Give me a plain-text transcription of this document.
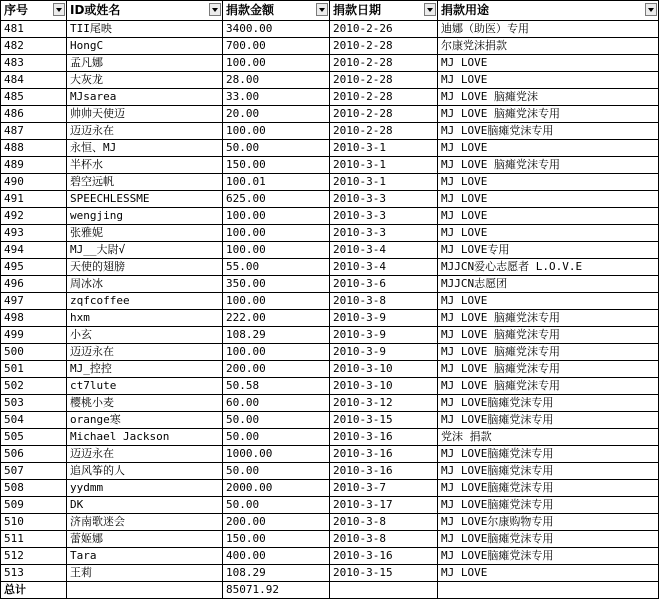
序号	ID或姓名	捐款金额	捐款日期	捐款用途

481	TII尾映	3400.00	2010-2-26	迪娜（助医）专用
482	HongC	700.00	2010-2-28	尔康党沫捐款
483	孟凡娜	100.00	2010-2-28	MJ LOVE
484	大灰龙	28.00	2010-2-28	MJ LOVE
485	MJsarea	33.00	2010-2-28	MJ LOVE 脑瘫党沫
486	帅帅天使迈	20.00	2010-2-28	MJ LOVE 脑瘫党沫专用
487	迈迈永在	100.00	2010-2-28	MJ LOVE脑瘫党沫专用
488	永恒、MJ	50.00	2010-3-1	MJ LOVE
489	半杯水	150.00	2010-3-1	MJ LOVE 脑瘫党沫专用
490	碧空远帆	100.01	2010-3-1	MJ LOVE
491	SPEECHLESSME	625.00	2010-3-3	MJ LOVE
492	wengjing	100.00	2010-3-3	MJ LOVE
493	张雅妮	100.00	2010-3-3	MJ LOVE
494	MJ__大尉√	100.00	2010-3-4	MJ LOVE专用
495	天使的翅膀	55.00	2010-3-4	MJJCN爱心志愿者 L.O.V.E
496	周冰冰	350.00	2010-3-6	MJJCN志愿团
497	zqfcoffee	100.00	2010-3-8	MJ LOVE
498	hxm	222.00	2010-3-9	MJ LOVE 脑瘫党沫专用
499	小玄	108.29	2010-3-9	MJ LOVE 脑瘫党沫专用
500	迈迈永在	100.00	2010-3-9	MJ LOVE 脑瘫党沫专用
501	MJ_控控	200.00	2010-3-10	MJ LOVE 脑瘫党沫专用
502	ct7lute	50.58	2010-3-10	MJ LOVE 脑瘫党沫专用
503	樱桃小麦	60.00	2010-3-12	MJ LOVE脑瘫党沫专用
504	orange寒	50.00	2010-3-15	MJ LOVE脑瘫党沫专用
505	Michael Jackson	50.00	2010-3-16	党沫 捐款
506	迈迈永在	1000.00	2010-3-16	MJ LOVE脑瘫党沫专用
507	追风筝的人	50.00	2010-3-16	MJ LOVE脑瘫党沫专用
508	yydmm	2000.00	2010-3-7	MJ LOVE脑瘫党沫专用
509	DK	50.00	2010-3-17	MJ LOVE脑瘫党沫专用
510	济南歌迷会	200.00	2010-3-8	MJ LOVE尔康购物专用
511	蕾姬娜	150.00	2010-3-8	MJ LOVE脑瘫党沫专用
512	Tara	400.00	2010-3-16	MJ LOVE脑瘫党沫专用
513	王莉	108.29	2010-3-15	MJ LOVE
总计		85071.92		
